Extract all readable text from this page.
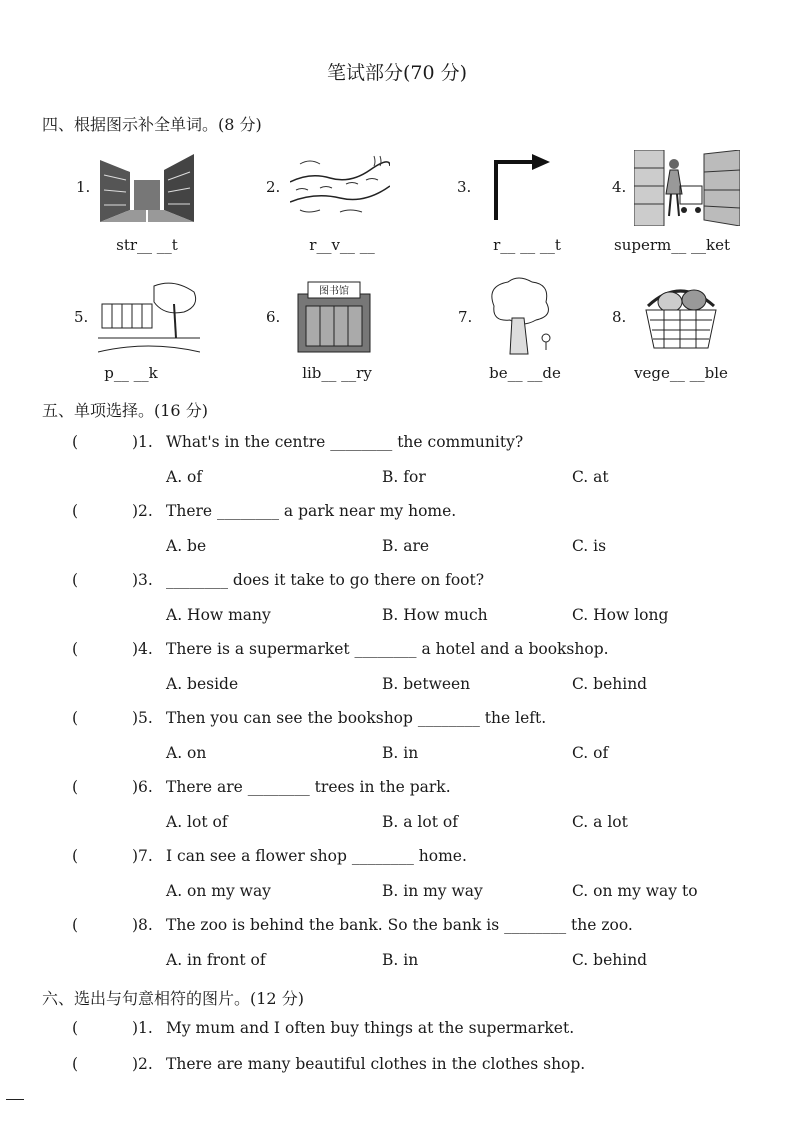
笔试部分(70 分)
四、根据图示补全单词。(8 分)
1.
str__ __t
2.
r__v__ __
3.
r__ __ __t
4.
superm__ __ket
5.
p__ __k
6.
图书馆
lib__ __ry
7.
be__ __de
8.
vege__ __ble
五、单项选择。(16 分)
(	)1. What's in the centre ________ the community?
A. of	B. for	C. at
(	)2. There ________ a park near my home.
A. be	B. are	C. is
(	)3. ________ does it take to go there on foot?
A. How many	B. How much	C. How long
(	)4. There is a supermarket ________ a hotel and a bookshop.
A. beside	B. between	C. behind
(	)5. Then you can see the bookshop ________ the left.
A. on	B. in	C. of
(	)6. There are ________ trees in the park.
A. lot of	B. a lot of	C. a lot
(	)7. I can see a flower shop ________ home.
A. on my way	B. in my way	C. on my way to
(	)8. The zoo is behind the bank. So the bank is ________ the zoo.
A. in front of	B. in	C. behind
六、选出与句意相符的图片。(12 分)
(	)1. My mum and I often buy things at the supermarket.
(	)2. There are many beautiful clothes in the clothes shop.
